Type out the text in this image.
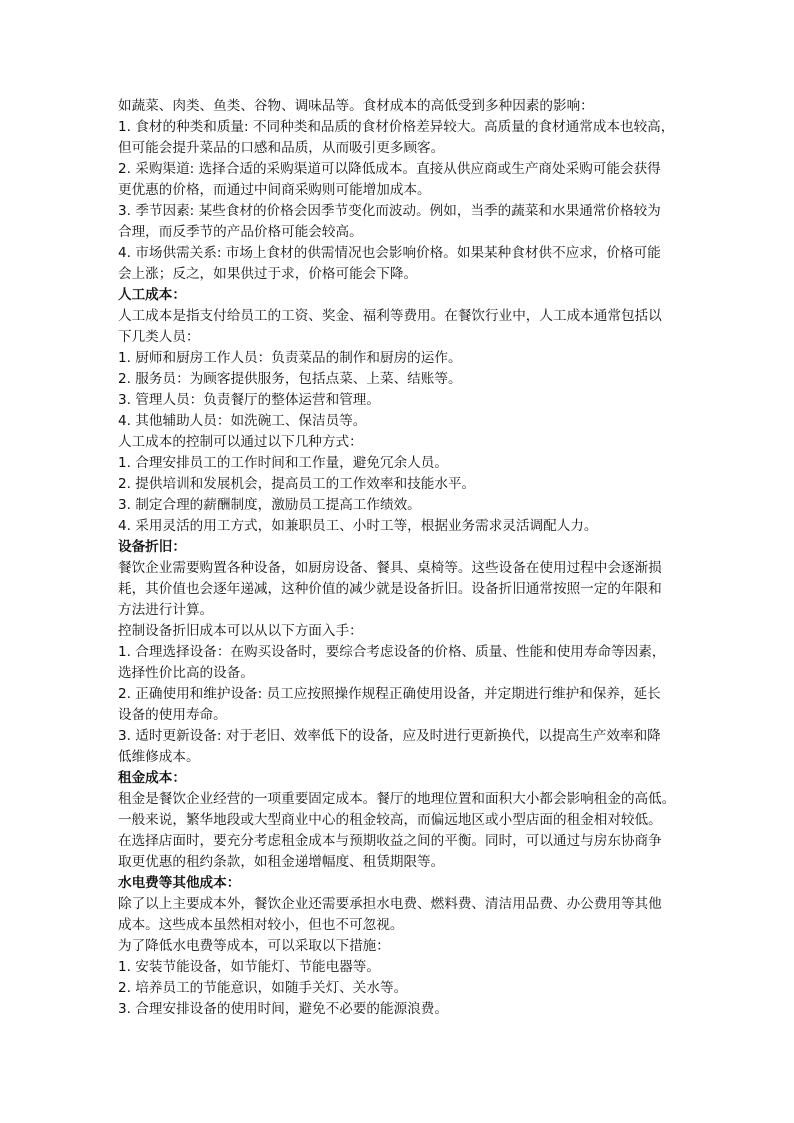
如蔬菜、肉类、鱼类、谷物、调味品等。食材成本的高低受到多种因素的影响：
1. 食材的种类和质量: 不同种类和品质的食材价格差异较大。高质量的食材通常成本也较高，
但可能会提升菜品的口感和品质，从而吸引更多顾客。
2. 采购渠道: 选择合适的采购渠道可以降低成本。直接从供应商或生产商处采购可能会获得
更优惠的价格，而通过中间商采购则可能增加成本。
3. 季节因素: 某些食材的价格会因季节变化而波动。例如，当季的蔬菜和水果通常价格较为
合理，而反季节的产品价格可能会较高。
4. 市场供需关系: 市场上食材的供需情况也会影响价格。如果某种食材供不应求，价格可能
会上涨；反之，如果供过于求，价格可能会下降。
人工成本：
人工成本是指支付给员工的工资、奖金、福利等费用。在餐饮行业中，人工成本通常包括以
下几类人员：
1. 厨师和厨房工作人员：负责菜品的制作和厨房的运作。
2. 服务员：为顾客提供服务，包括点菜、上菜、结账等。
3. 管理人员：负责餐厅的整体运营和管理。
4. 其他辅助人员：如洗碗工、保洁员等。
人工成本的控制可以通过以下几种方式：
1. 合理安排员工的工作时间和工作量，避免冗余人员。
2. 提供培训和发展机会，提高员工的工作效率和技能水平。
3. 制定合理的薪酬制度，激励员工提高工作绩效。
4. 采用灵活的用工方式，如兼职员工、小时工等，根据业务需求灵活调配人力。
设备折旧：
餐饮企业需要购置各种设备，如厨房设备、餐具、桌椅等。这些设备在使用过程中会逐渐损
耗，其价值也会逐年递减，这种价值的减少就是设备折旧。设备折旧通常按照一定的年限和
方法进行计算。
控制设备折旧成本可以从以下方面入手：
1. 合理选择设备：在购买设备时，要综合考虑设备的价格、质量、性能和使用寿命等因素，
选择性价比高的设备。
2. 正确使用和维护设备: 员工应按照操作规程正确使用设备，并定期进行维护和保养，延长
设备的使用寿命。
3. 适时更新设备: 对于老旧、效率低下的设备，应及时进行更新换代，以提高生产效率和降
低维修成本。
租金成本：
租金是餐饮企业经营的一项重要固定成本。餐厅的地理位置和面积大小都会影响租金的高低。
一般来说，繁华地段或大型商业中心的租金较高，而偏远地区或小型店面的租金相对较低。
在选择店面时，要充分考虑租金成本与预期收益之间的平衡。同时，可以通过与房东协商争
取更优惠的租约条款，如租金递增幅度、租赁期限等。
水电费等其他成本：
除了以上主要成本外，餐饮企业还需要承担水电费、燃料费、清洁用品费、办公费用等其他
成本。这些成本虽然相对较小，但也不可忽视。
为了降低水电费等成本，可以采取以下措施：
1. 安装节能设备，如节能灯、节能电器等。
2. 培养员工的节能意识，如随手关灯、关水等。
3. 合理安排设备的使用时间，避免不必要的能源浪费。
